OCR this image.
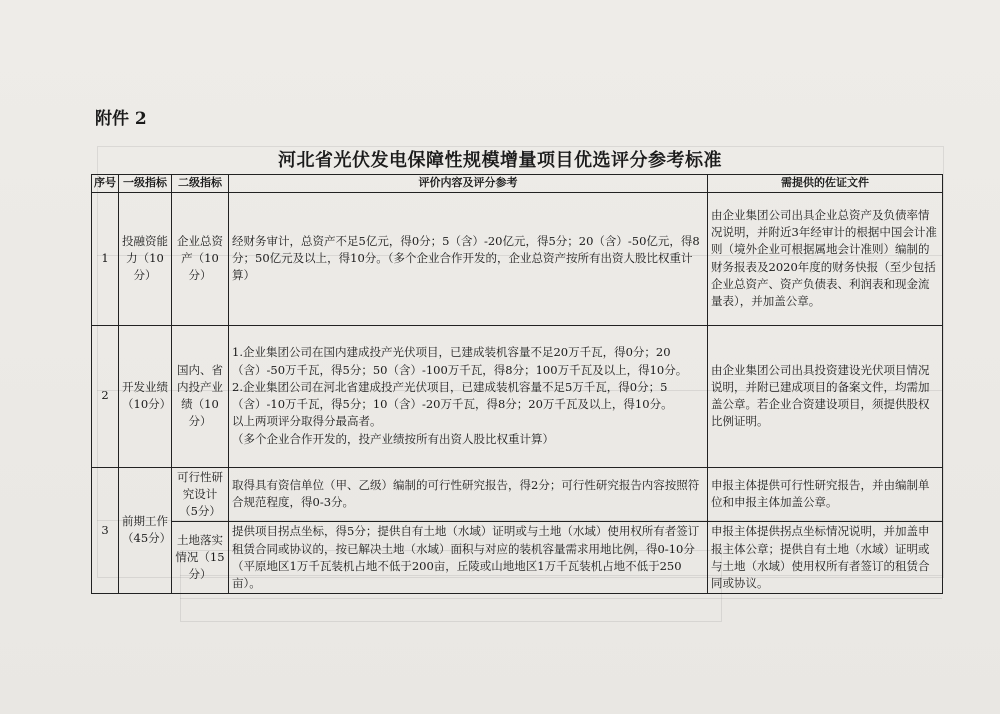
附件 2
河北省光伏发电保障性规模增量项目优选评分参考标准
序号	一级指标	二级指标	评价内容及评分参考	需提供的佐证文件
1	投融资能力（10分）	企业总资产（10分）	经财务审计，总资产不足5亿元，得0分；5（含）-20亿元，得5分；20（含）-50亿元，得8分；50亿元及以上，得10分。（多个企业合作开发的，企业总资产按所有出资人股比权重计算）	由企业集团公司出具企业总资产及负债率情况说明，并附近3年经审计的根据中国会计准则（境外企业可根据属地会计准则）编制的财务报表及2020年度的财务快报（至少包括企业总资产、资产负债表、利润表和现金流量表），并加盖公章。
2	开发业绩（10分）	国内、省内投产业绩（10分）	1.企业集团公司在国内建成投产光伏项目，已建成装机容量不足20万千瓦，得0分；20（含）-50万千瓦，得5分；50（含）-100万千瓦，得8分；100万千瓦及以上，得10分。
2.企业集团公司在河北省建成投产光伏项目，已建成装机容量不足5万千瓦，得0分；5（含）-10万千瓦，得5分；10（含）-20万千瓦，得8分；20万千瓦及以上，得10分。
以上两项评分取得分最高者。
（多个企业合作开发的，投产业绩按所有出资人股比权重计算）	由企业集团公司出具投资建设光伏项目情况说明，并附已建成项目的备案文件，均需加盖公章。若企业合资建设项目，须提供股权比例证明。
3	前期工作（45分）	可行性研究设计（5分）	取得具有资信单位（甲、乙级）编制的可行性研究报告，得2分；可行性研究报告内容按照符合规范程度，得0-3分。	申报主体提供可行性研究报告，并由编制单位和申报主体加盖公章。
		土地落实情况（15分）	提供项目拐点坐标，得5分；提供自有土地（水域）证明或与土地（水域）使用权所有者签订租赁合同或协议的，按已解决土地（水域）面积与对应的装机容量需求用地比例，得0-10分（平原地区1万千瓦装机占地不低于200亩，丘陵或山地地区1万千瓦装机占地不低于250亩）。	申报主体提供拐点坐标情况说明，并加盖申报主体公章；提供自有土地（水域）证明或与土地（水域）使用权所有者签订的租赁合同或协议。
